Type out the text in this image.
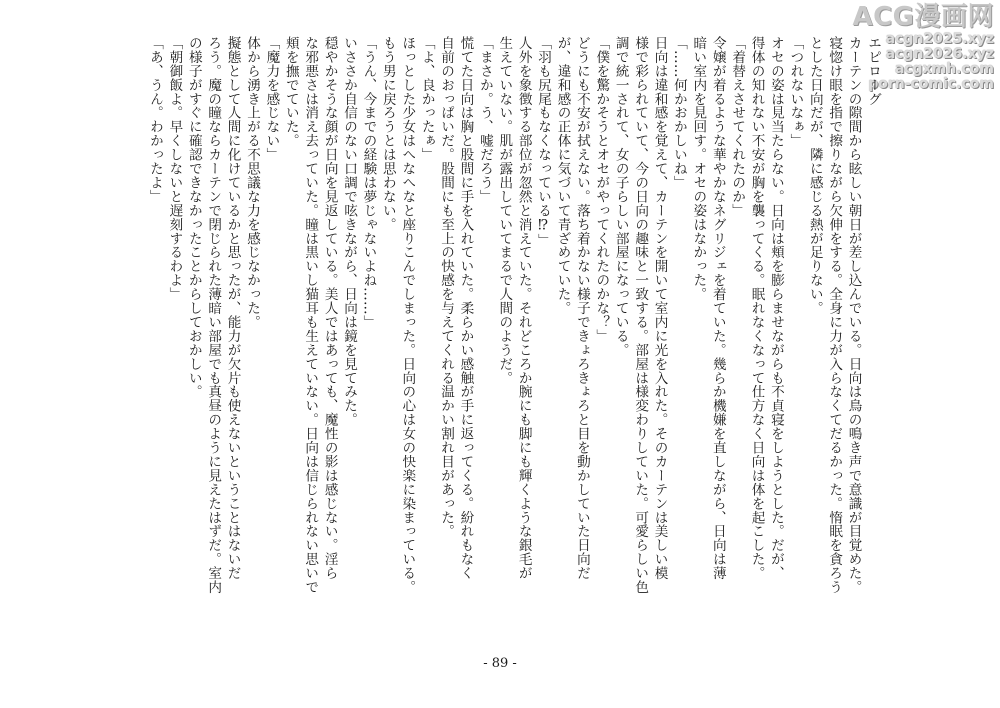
ACG漫画网
acgn2025.xyz
acgn2026.xyz
acgxmh.com
porn-comic.com

エピローグ

カーテンの隙間から眩しい朝日が差し込んでいる。日向は鳥の鳴き声で意識が目覚めた。

寝惚け眼を指で擦りながら欠伸をする。全身に力が入らなくてだるかった。惰眠を貪ろう

とした日向だが、隣に感じる熱が足りない。

「つれないなぁ」

オセの姿は見当たらない。日向は頬を膨らませながらも不貞寝をしようとした。だが、

得体の知れない不安が胸を襲ってくる。眠れなくなって仕方なく日向は体を起こした。

「着替えさせてくれたのか」

令嬢が着るような華やかなネグリジェを着ていた。幾らか機嫌を直しながら、日向は薄

暗い室内を見回す。オセの姿はなかった。

「……何かおかしいね」

日向は違和感を覚えて、カーテンを開いて室内に光を入れた。そのカーテンは美しい模

様で彩られていて、今の日向の趣味と一致する。部屋は様変わりしていた。可愛らしい色

調で統一されて、女の子らしい部屋になっている。

「僕を驚かそうとオセがやってくれたのかな？」

どうにも不安が拭えない。落ち着かない様子できょろきょろと目を動かしていた日向だ

が、違和感の正体に気づいて青ざめていた。

「羽も尻尾もなくなっている⁉」

人外を象徴する部位が忽然と消えていた。それどころか腕にも脚にも輝くような銀毛が

生えていない。肌が露出していてまるで人間のようだ。

「まさか。う、嘘だろう」

慌てた日向は胸と股間に手を入れていた。柔らかい感触が手に返ってくる。紛れもなく

自前のおっぱいだ。股間にも至上の快感を与えてくれる温かい割れ目があった。

「よ、良かったぁ」

ほっとした少女はへなへなと座りこんでしまった。日向の心は女の快楽に染まっている。

もう男に戻ろうとは思わない。

「うん、今までの経験は夢じゃないよね……」

いささか自信のない口調で呟きながら、日向は鏡を見てみた。

穏やかそうな顔が日向を見返している。美人ではあっても、魔性の影は感じない。淫ら

な邪悪さは消え去っていた。瞳は黒いし猫耳も生えていない。日向は信じられない思いで

頬を撫でていた。

「魔力を感じない」

体から湧き上がる不思議な力を感じなかった。

擬態として人間に化けているかと思ったが、能力が欠片も使えないということはないだ

ろう。魔の瞳ならカーテンで閉じられた薄暗い部屋でも真昼のように見えたはずだ。室内

の様子がすぐに確認できなかったことからしておかしい。

「朝御飯よ。早くしないと遅刻するわよ」

「あ、うん。わかったよ」

- 89 -
